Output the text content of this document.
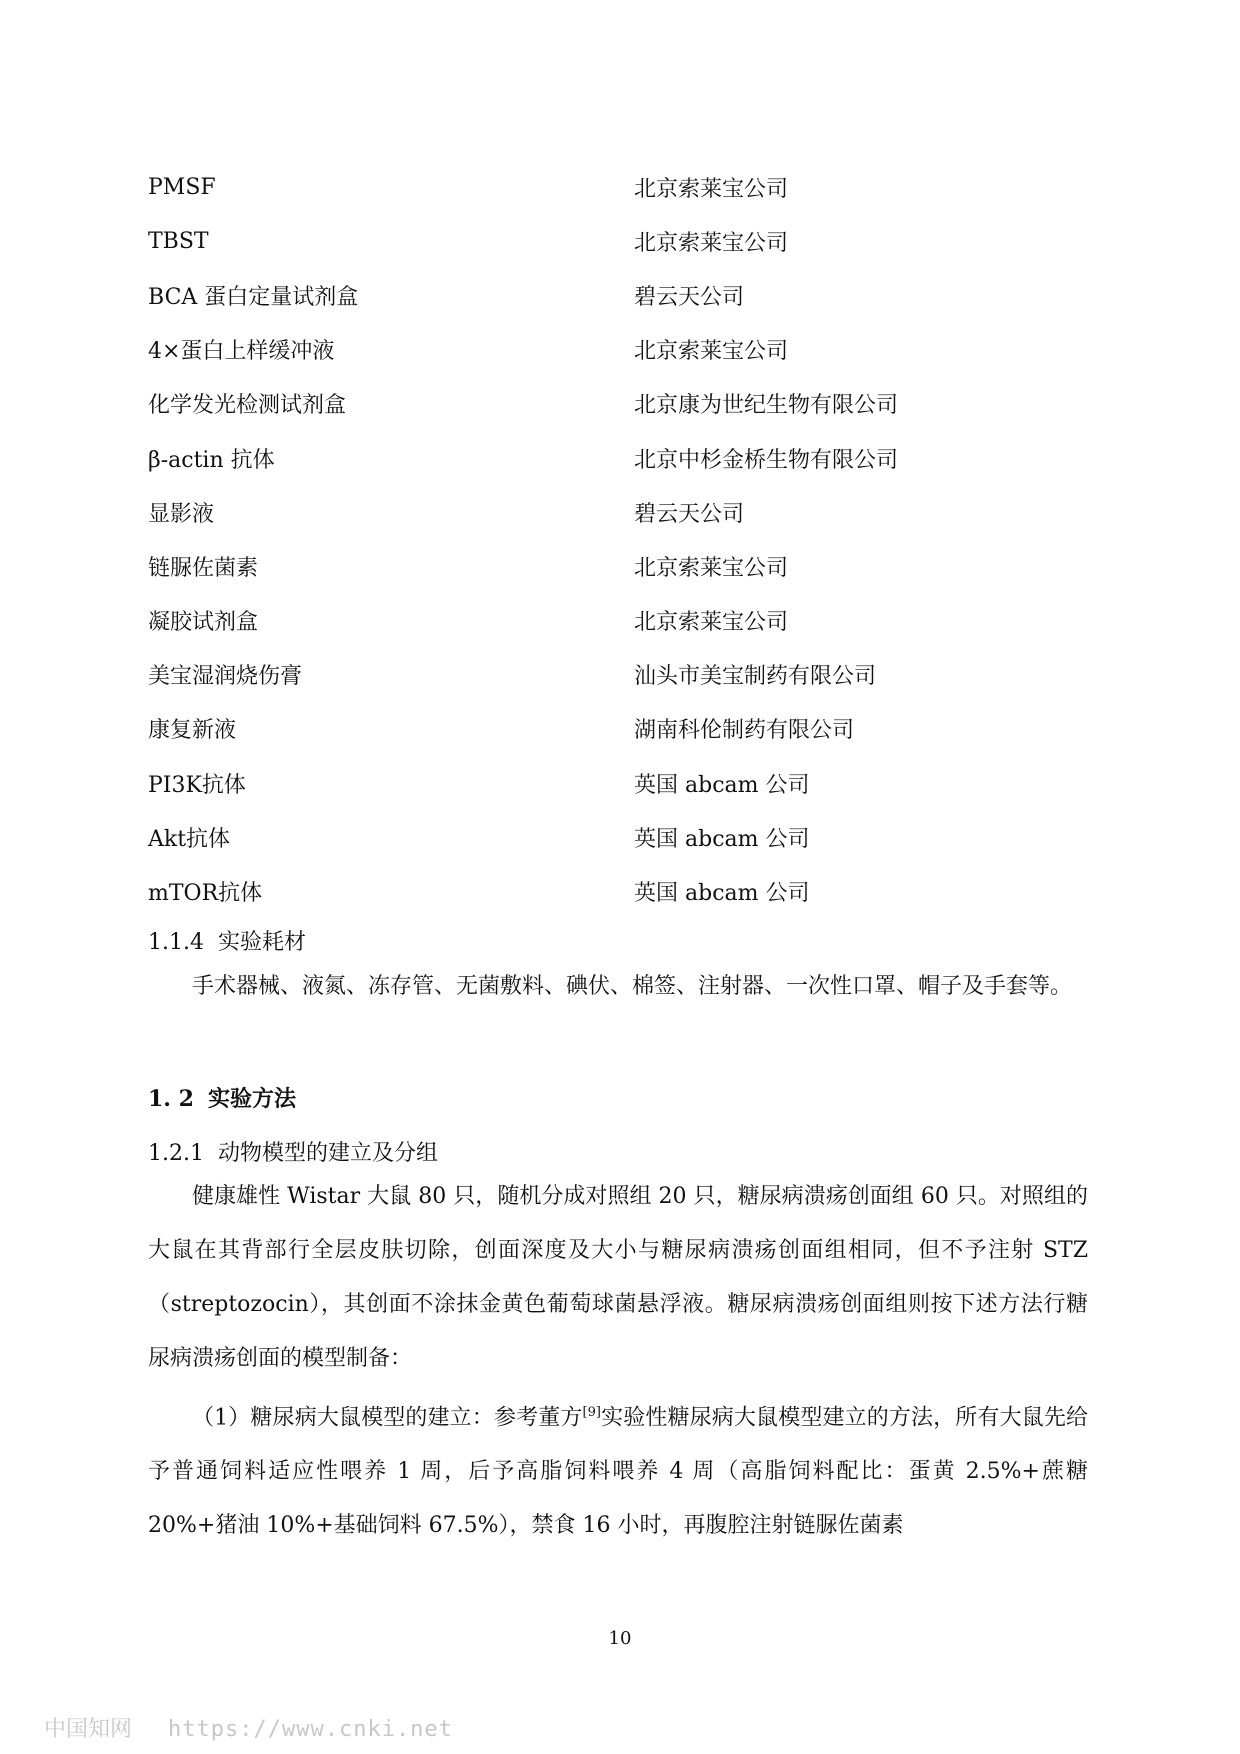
PMSF	北京索莱宝公司
TBST	北京索莱宝公司
BCA 蛋白定量试剂盒	碧云天公司
4×蛋白上样缓冲液	北京索莱宝公司
化学发光检测试剂盒	北京康为世纪生物有限公司
β-actin 抗体	北京中杉金桥生物有限公司
显影液	碧云天公司
链脲佐菌素	北京索莱宝公司
凝胶试剂盒	北京索莱宝公司
美宝湿润烧伤膏	汕头市美宝制药有限公司
康复新液	湖南科伦制药有限公司
PI3K抗体	英国 abcam 公司
Akt抗体	英国 abcam 公司
mTOR抗体	英国 abcam 公司
1.1.4 实验耗材

手术器械、液氮、冻存管、无菌敷料、碘伏、棉签、注射器、一次性口罩、帽子及手套等。

1. 2 实验方法
1.2.1 动物模型的建立及分组

健康雄性 Wistar 大鼠 80 只，随机分成对照组 20 只，糖尿病溃疡创面组 60 只。对照组的大鼠在其背部行全层皮肤切除，创面深度及大小与糖尿病溃疡创面组相同，但不予注射 STZ（streptozocin），其创面不涂抹金黄色葡萄球菌悬浮液。糖尿病溃疡创面组则按下述方法行糖尿病溃疡创面的模型制备：

（1）糖尿病大鼠模型的建立：参考董方[9]实验性糖尿病大鼠模型建立的方法，所有大鼠先给予普通饲料适应性喂养 1 周，后予高脂饲料喂养 4 周（高脂饲料配比：蛋黄 2.5%+蔗糖 20%+猪油 10%+基础饲料 67.5%），禁食 16 小时，再腹腔注射链脲佐菌素

10
中国知网 https://www.cnki.net
